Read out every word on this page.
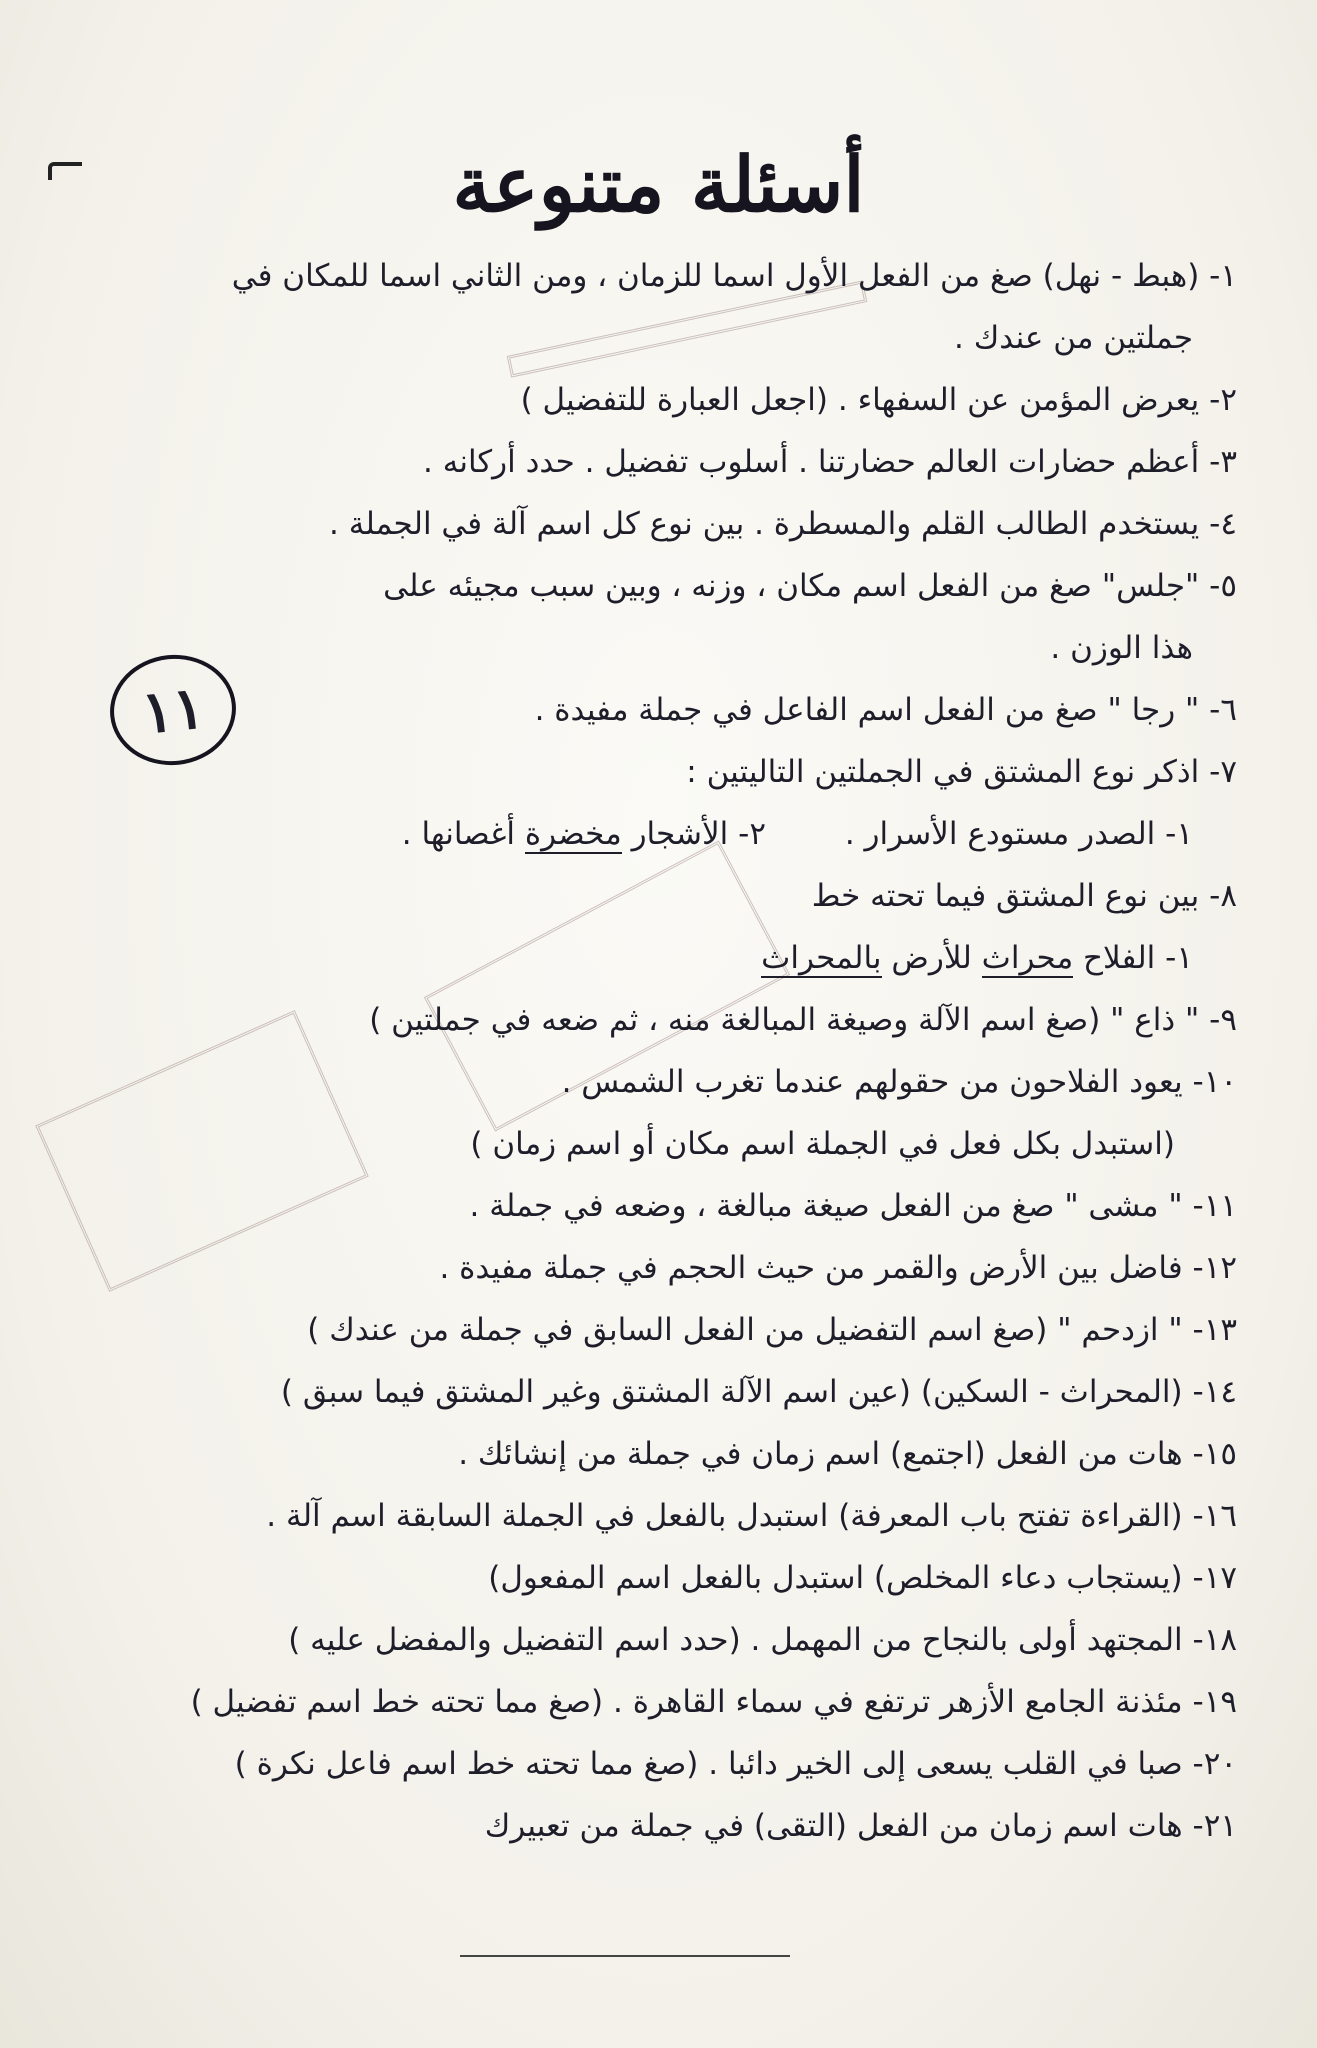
أسئلة متنوعة
١١
١- (هبط - نهل) صغ من الفعل الأول اسما للزمان ، ومن الثاني اسما للمكان في
جملتين من عندك .
٢- يعرض المؤمن عن السفهاء . (اجعل العبارة للتفضيل )
٣- أعظم حضارات العالم حضارتنا . أسلوب تفضيل . حدد أركانه .
٤- يستخدم الطالب القلم والمسطرة . بين نوع كل اسم آلة في الجملة .
٥- "جلس" صغ من الفعل اسم مكان ، وزنه ، وبين سبب مجيئه على
هذا الوزن .
٦- " رجا " صغ من الفعل اسم الفاعل في جملة مفيدة .
٧- اذكر نوع المشتق في الجملتين التاليتين :
١- الصدر مستودع الأسرار .        ٢- الأشجار مخضرة أغصانها .
٨- بين نوع المشتق فيما تحته خط
١- الفلاح محراث للأرض بالمحراث
٩- " ذاع " (صغ اسم الآلة وصيغة المبالغة منه ، ثم ضعه في جملتين )
١٠- يعود الفلاحون من حقولهم عندما تغرب الشمس .
(استبدل بكل فعل في الجملة اسم مكان أو اسم زمان )
١١- " مشى " صغ من الفعل صيغة مبالغة ، وضعه في جملة .
١٢- فاضل بين الأرض والقمر من حيث الحجم في جملة مفيدة .
١٣- " ازدحم " (صغ اسم التفضيل من الفعل السابق في جملة من عندك )
١٤- (المحراث - السكين) (عين اسم الآلة المشتق وغير المشتق فيما سبق )
١٥- هات من الفعل (اجتمع) اسم زمان في جملة من إنشائك .
١٦- (القراءة تفتح باب المعرفة) استبدل بالفعل في الجملة السابقة اسم آلة .
١٧- (يستجاب دعاء المخلص) استبدل بالفعل اسم المفعول)
١٨- المجتهد أولى بالنجاح من المهمل . (حدد اسم التفضيل والمفضل عليه )
١٩- مئذنة الجامع الأزهر ترتفع في سماء القاهرة . (صغ مما تحته خط اسم تفضيل )
٢٠- صبا في القلب يسعى إلى الخير دائبا . (صغ مما تحته خط اسم فاعل نكرة )
٢١- هات اسم زمان من الفعل (التقى) في جملة من تعبيرك
